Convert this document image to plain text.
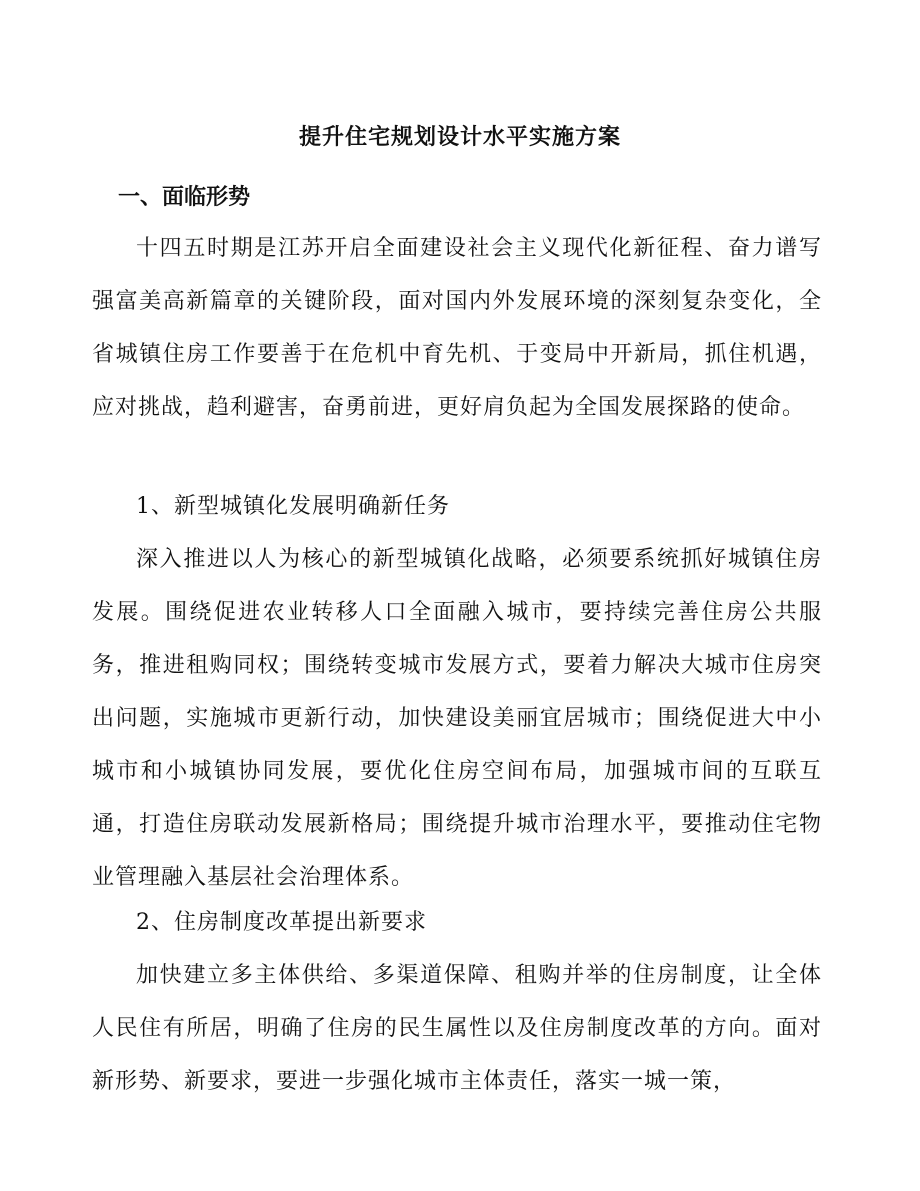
提升住宅规划设计水平实施方案
一、面临形势

十四五时期是江苏开启全面建设社会主义现代化新征程、奋力谱写强富美高新篇章的关键阶段，面对国内外发展环境的深刻复杂变化，全省城镇住房工作要善于在危机中育先机、于变局中开新局，抓住机遇，应对挑战，趋利避害，奋勇前进，更好肩负起为全国发展探路的使命。

1、新型城镇化发展明确新任务

深入推进以人为核心的新型城镇化战略，必须要系统抓好城镇住房发展。围绕促进农业转移人口全面融入城市，要持续完善住房公共服务，推进租购同权；围绕转变城市发展方式，要着力解决大城市住房突出问题，实施城市更新行动，加快建设美丽宜居城市；围绕促进大中小城市和小城镇协同发展，要优化住房空间布局，加强城市间的互联互通，打造住房联动发展新格局；围绕提升城市治理水平，要推动住宅物业管理融入基层社会治理体系。

2、住房制度改革提出新要求

加快建立多主体供给、多渠道保障、租购并举的住房制度，让全体人民住有所居，明确了住房的民生属性以及住房制度改革的方向。面对新形势、新要求，要进一步强化城市主体责任，落实一城一策，
